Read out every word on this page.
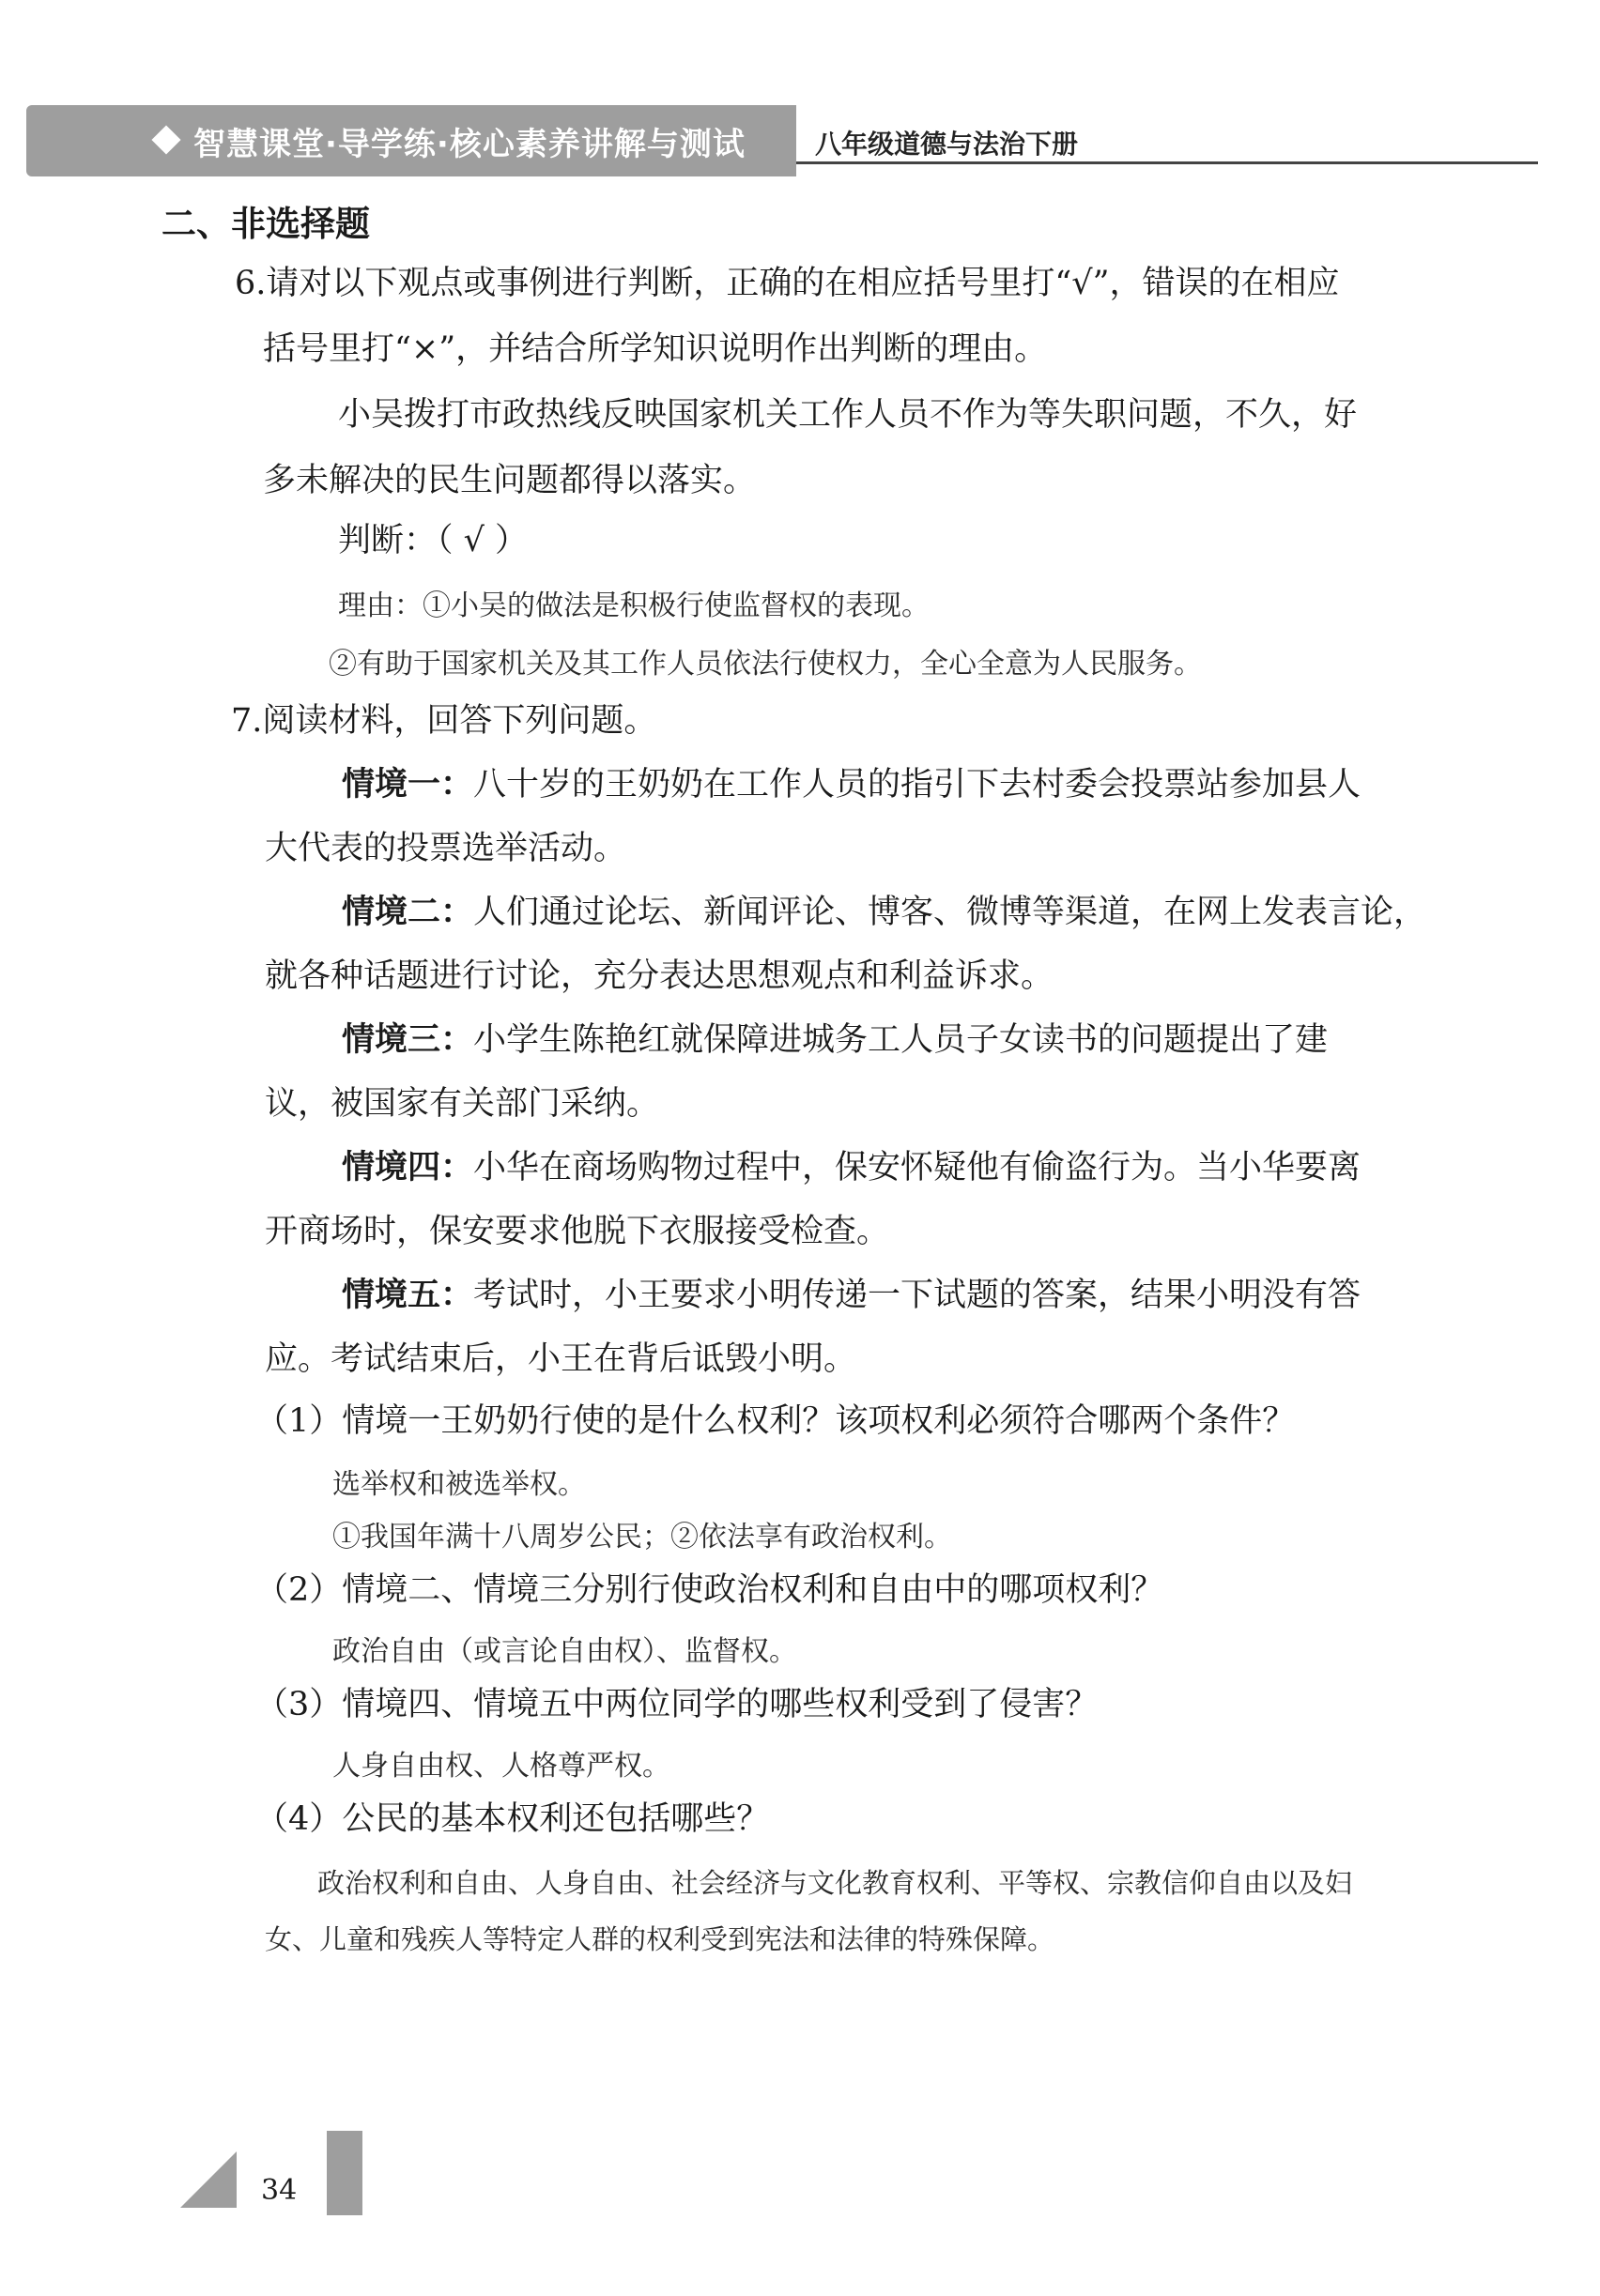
智慧课堂·导学练·核心素养讲解与测试	八年级道德与法治下册
二、非选择题
6.请对以下观点或事例进行判断，正确的在相应括号里打“√”，错误的在相应
括号里打“×”，并结合所学知识说明作出判断的理由。
小吴拨打市政热线反映国家机关工作人员不作为等失职问题，不久，好
多未解决的民生问题都得以落实。
判断：（ √ ）
理由：①小吴的做法是积极行使监督权的表现。
②有助于国家机关及其工作人员依法行使权力，全心全意为人民服务。
7.阅读材料，回答下列问题。
情境一：八十岁的王奶奶在工作人员的指引下去村委会投票站参加县人
大代表的投票选举活动。
情境二：人们通过论坛、新闻评论、博客、微博等渠道，在网上发表言论，
就各种话题进行讨论，充分表达思想观点和利益诉求。
情境三：小学生陈艳红就保障进城务工人员子女读书的问题提出了建
议，被国家有关部门采纳。
情境四：小华在商场购物过程中，保安怀疑他有偷盗行为。当小华要离
开商场时，保安要求他脱下衣服接受检查。
情境五：考试时，小王要求小明传递一下试题的答案，结果小明没有答
应。考试结束后，小王在背后诋毁小明。
（1）情境一王奶奶行使的是什么权利？该项权利必须符合哪两个条件？
选举权和被选举权。
①我国年满十八周岁公民；②依法享有政治权利。
（2）情境二、情境三分别行使政治权利和自由中的哪项权利？
政治自由（或言论自由权）、监督权。
（3）情境四、情境五中两位同学的哪些权利受到了侵害？
人身自由权、人格尊严权。
（4）公民的基本权利还包括哪些？
政治权利和自由、人身自由、社会经济与文化教育权利、平等权、宗教信仰自由以及妇
女、儿童和残疾人等特定人群的权利受到宪法和法律的特殊保障。
34
